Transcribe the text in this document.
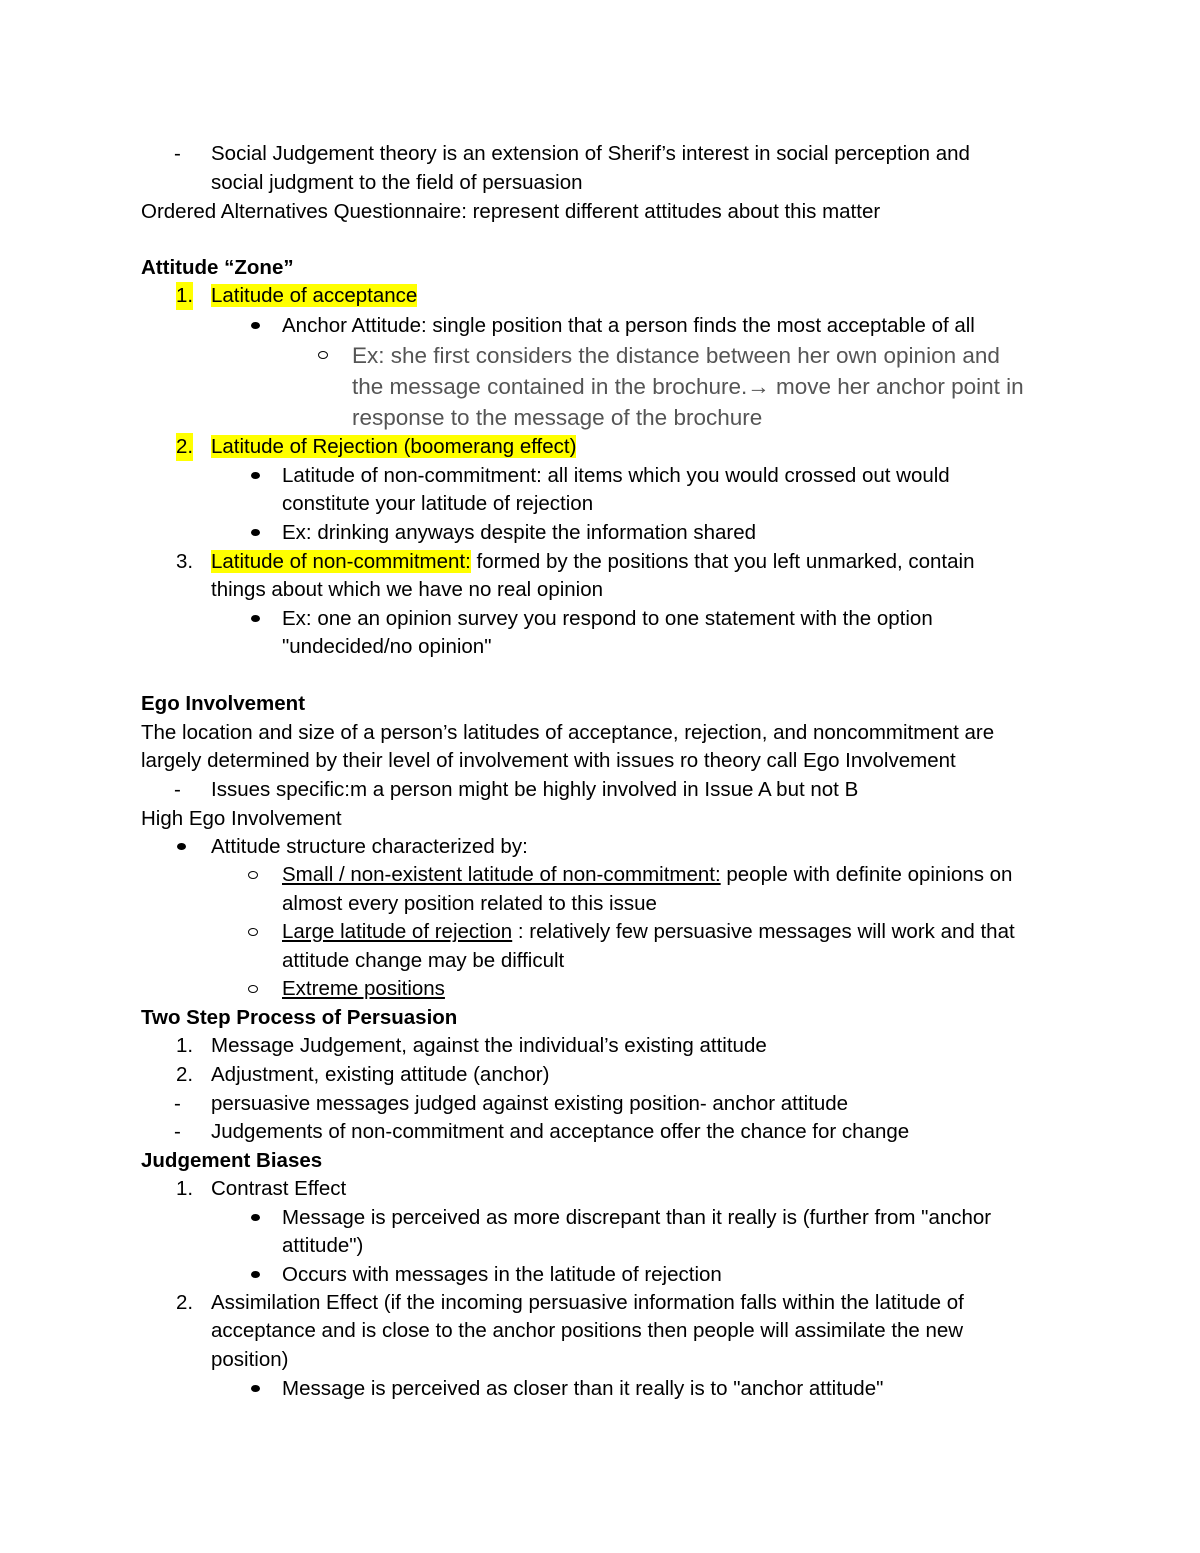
- Social Judgement theory is an extension of Sherif’s interest in social perception and
social judgment to the field of persuasion
Ordered Alternatives Questionnaire: represent different attitudes about this matter
Attitude “Zone”
1. Latitude of acceptance
Anchor Attitude: single position that a person finds the most acceptable of all
Ex: she first considers the distance between her own opinion and
the message contained in the brochure.→ move her anchor point in
response to the message of the brochure
2. Latitude of Rejection (boomerang effect)
Latitude of non-commitment: all items which you would crossed out would
constitute your latitude of rejection
Ex: drinking anyways despite the information shared
3. Latitude of non-commitment: formed by the positions that you left unmarked, contain
things about which we have no real opinion
Ex: one an opinion survey you respond to one statement with the option
"undecided/no opinion"
Ego Involvement
The location and size of a person’s latitudes of acceptance, rejection, and noncommitment are
largely determined by their level of involvement with issues ro theory call Ego Involvement
- Issues specific:m a person might be highly involved in Issue A but not B
High Ego Involvement
Attitude structure characterized by:
Small / non-existent latitude of non-commitment: people with definite opinions on
almost every position related to this issue
Large latitude of rejection : relatively few persuasive messages will work and that
attitude change may be difficult
Extreme positions
Two Step Process of Persuasion
1. Message Judgement, against the individual’s existing attitude
2. Adjustment, existing attitude (anchor)
- persuasive messages judged against existing position- anchor attitude
- Judgements of non-commitment and acceptance offer the chance for change
Judgement Biases
1. Contrast Effect
Message is perceived as more discrepant than it really is (further from "anchor
attitude")
Occurs with messages in the latitude of rejection
2. Assimilation Effect (if the incoming persuasive information falls within the latitude of
acceptance and is close to the anchor positions then people will assimilate the new
position)
Message is perceived as closer than it really is to "anchor attitude"
